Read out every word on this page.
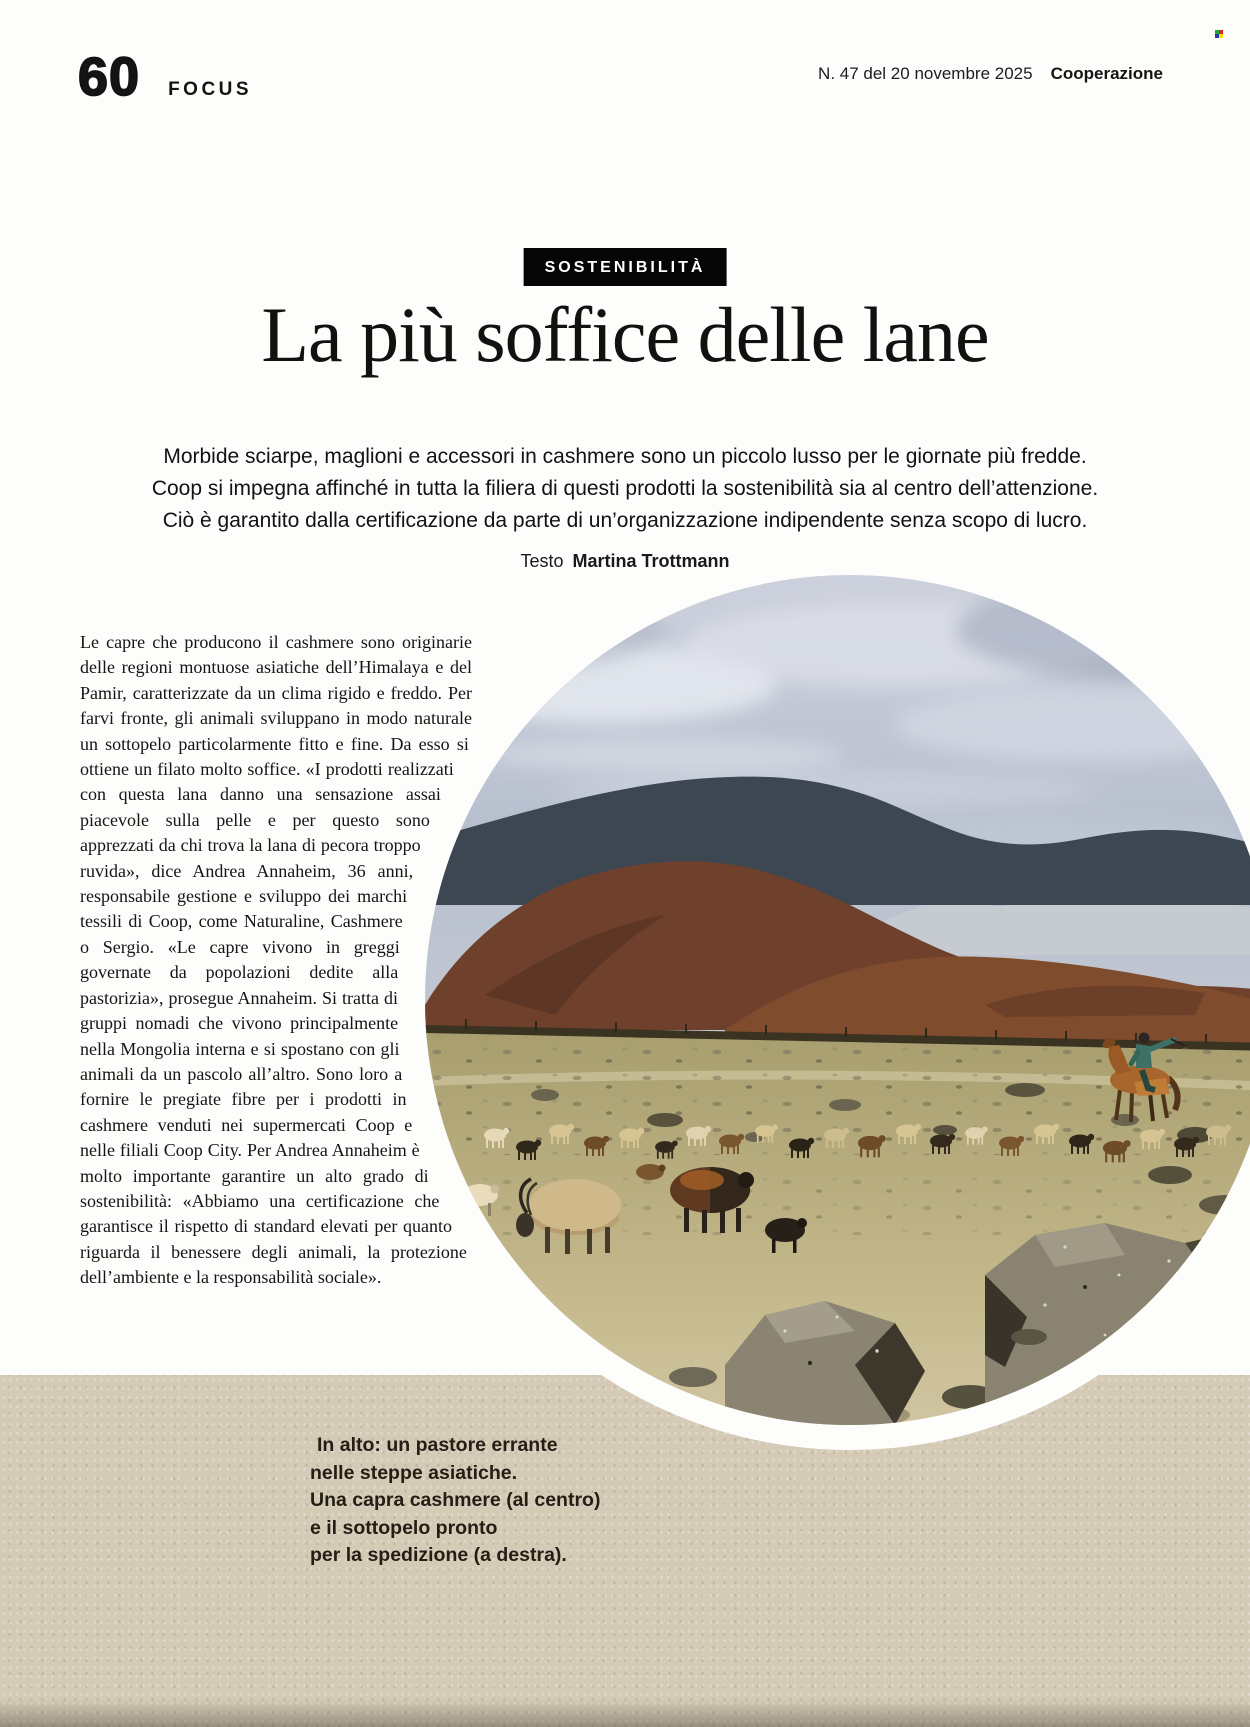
60 FOCUS
N. 47 del 20 novembre 2025 Cooperazione
SOSTENIBILITÀ
La più soffice delle lane
Morbide sciarpe, maglioni e accessori in cashmere sono un piccolo lusso per le giornate più fredde.
Coop si impegna affinché in tutta la filiera di questi prodotti la sostenibilità sia al centro dell’attenzione.
Ciò è garantito dalla certificazione da parte di un’organizzazione indipendente senza scopo di lucro.
Testo Martina Trottmann
Le capre che producono il cashmere sono originarie delle regioni montuose asiatiche dell’Himalaya e del Pamir, caratterizzate da un clima rigido e freddo. Per farvi fronte, gli animali sviluppano in modo naturale un sottopelo particolarmente fitto e fine. Da esso si ottiene un filato molto soffice. «I prodotti realizzati con questa lana danno una sensazione assai piacevole sulla pelle e per questo sono apprezzati da chi trova la lana di pecora troppo ruvida», dice Andrea Annaheim, 36 anni, responsabile gestione e sviluppo dei marchi tessili di Coop, come Naturaline, Cashmere o Sergio. «Le capre vivono in greggi governate da popolazioni dedite alla pastorizia», prosegue Annaheim. Si tratta di gruppi nomadi che vivono principalmente nella Mongolia interna e si spostano con gli animali da un pascolo all’altro. Sono loro a fornire le pregiate fibre per i prodotti in cashmere venduti nei supermercati Coop e nelle filiali Coop City. Per Andrea Annaheim è molto importante garantire un alto grado di sostenibilità: «Abbiamo una certificazione che garantisce il rispetto di standard elevati per quanto riguarda il benessere degli animali, la protezione dell’ambiente e la responsabilità sociale».
In alto: un pastore errante
nelle steppe asiatiche.
Una capra cashmere (al centro)
e il sottopelo pronto
per la spedizione (a destra).
